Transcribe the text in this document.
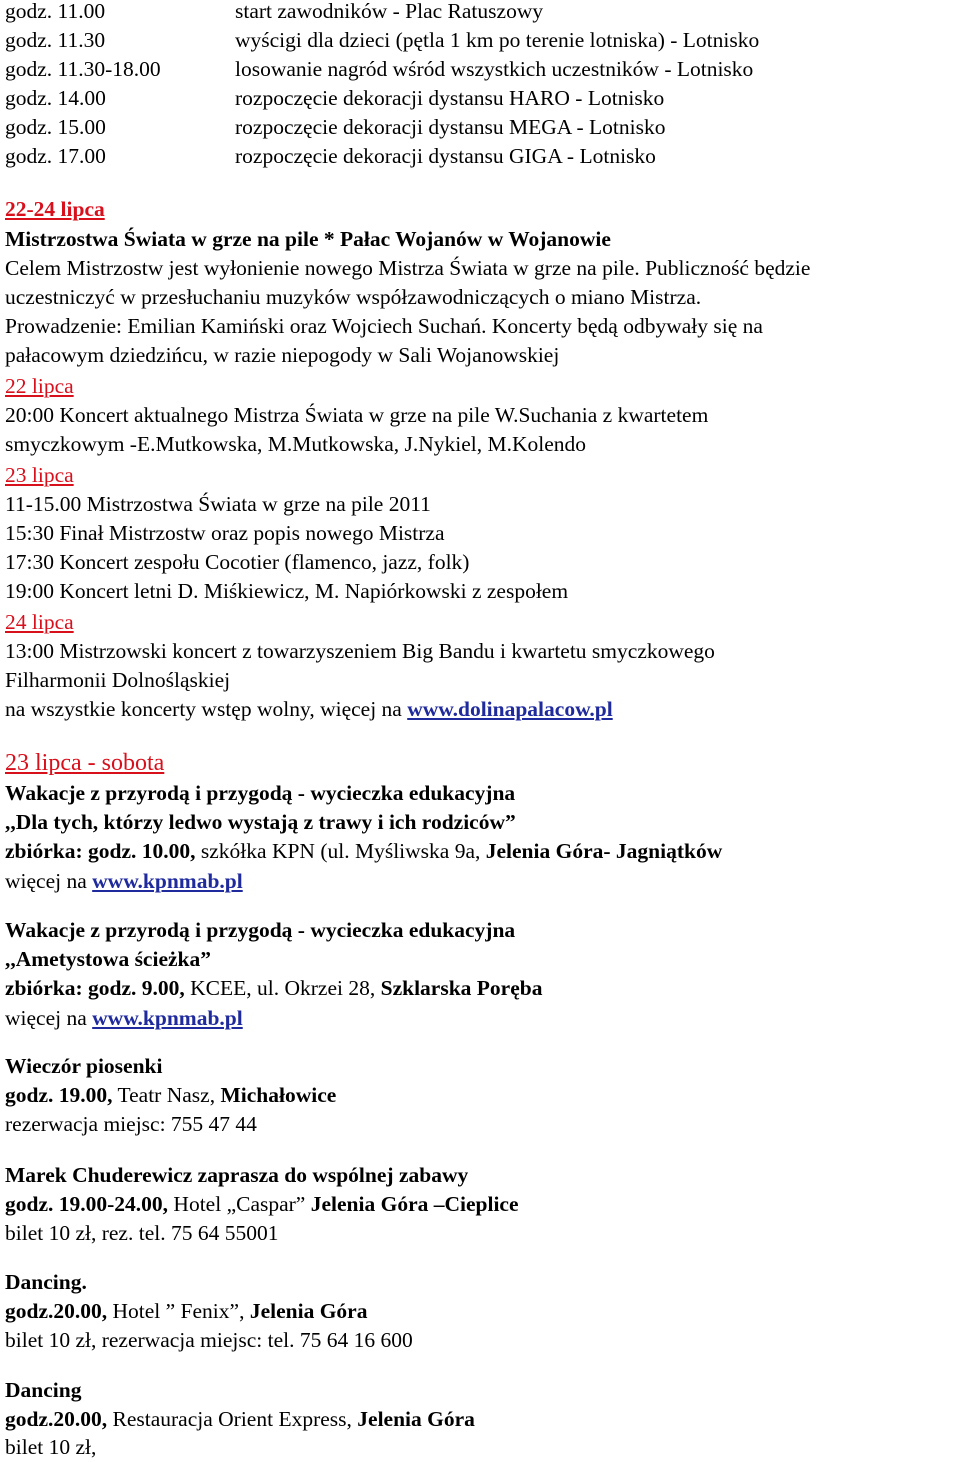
godz. 11.00	start zawodników - Plac Ratuszowy
godz. 11.30	wyścigi dla dzieci (pętla 1 km po terenie lotniska) - Lotnisko
godz. 11.30-18.00	losowanie nagród wśród wszystkich uczestników - Lotnisko
godz. 14.00	rozpoczęcie dekoracji dystansu HARO - Lotnisko
godz. 15.00	rozpoczęcie dekoracji dystansu MEGA - Lotnisko
godz. 17.00	rozpoczęcie dekoracji dystansu GIGA - Lotnisko
22-24 lipca
Mistrzostwa Świata w grze na pile * Pałac Wojanów w Wojanowie
Celem Mistrzostw jest wyłonienie nowego Mistrza Świata w grze na pile. Publiczność będzie
uczestniczyć w przesłuchaniu muzyków współzawodniczących o miano Mistrza.
Prowadzenie: Emilian Kamiński oraz Wojciech Suchań. Koncerty będą odbywały się na
pałacowym dziedzińcu, w razie niepogody w Sali Wojanowskiej
22 lipca
20:00 Koncert aktualnego Mistrza Świata w grze na pile W.Suchania z kwartetem
smyczkowym -E.Mutkowska, M.Mutkowska, J.Nykiel, M.Kolendo
23 lipca
11-15.00 Mistrzostwa Świata w grze na pile 2011
15:30 Finał Mistrzostw oraz popis nowego Mistrza
17:30 Koncert zespołu Cocotier (flamenco, jazz, folk)
19:00 Koncert letni D. Miśkiewicz, M. Napiórkowski z zespołem
24 lipca
13:00 Mistrzowski koncert z towarzyszeniem Big Bandu i kwartetu smyczkowego
Filharmonii Dolnośląskiej
na wszystkie koncerty wstęp wolny, więcej na www.dolinapalacow.pl
23 lipca - sobota
Wakacje z przyrodą i przygodą - wycieczka edukacyjna
,,Dla tych, którzy ledwo wystają z trawy i ich rodziców”
zbiórka: godz. 10.00, szkółka KPN (ul. Myśliwska 9a, Jelenia Góra- Jagniątków
więcej na www.kpnmab.pl
Wakacje z przyrodą i przygodą - wycieczka edukacyjna
,,Ametystowa ścieżka”
zbiórka: godz. 9.00, KCEE, ul. Okrzei 28, Szklarska Poręba
więcej na www.kpnmab.pl
Wieczór piosenki
godz. 19.00, Teatr Nasz, Michałowice
rezerwacja miejsc: 755 47 44
Marek Chuderewicz zaprasza do wspólnej zabawy
godz. 19.00-24.00, Hotel „Caspar” Jelenia Góra –Cieplice
bilet 10 zł, rez. tel. 75 64 55001
Dancing.
godz.20.00, Hotel ” Fenix”, Jelenia Góra
bilet 10 zł, rezerwacja miejsc: tel. 75 64 16 600
Dancing
godz.20.00, Restauracja Orient Express, Jelenia Góra
bilet 10 zł,
